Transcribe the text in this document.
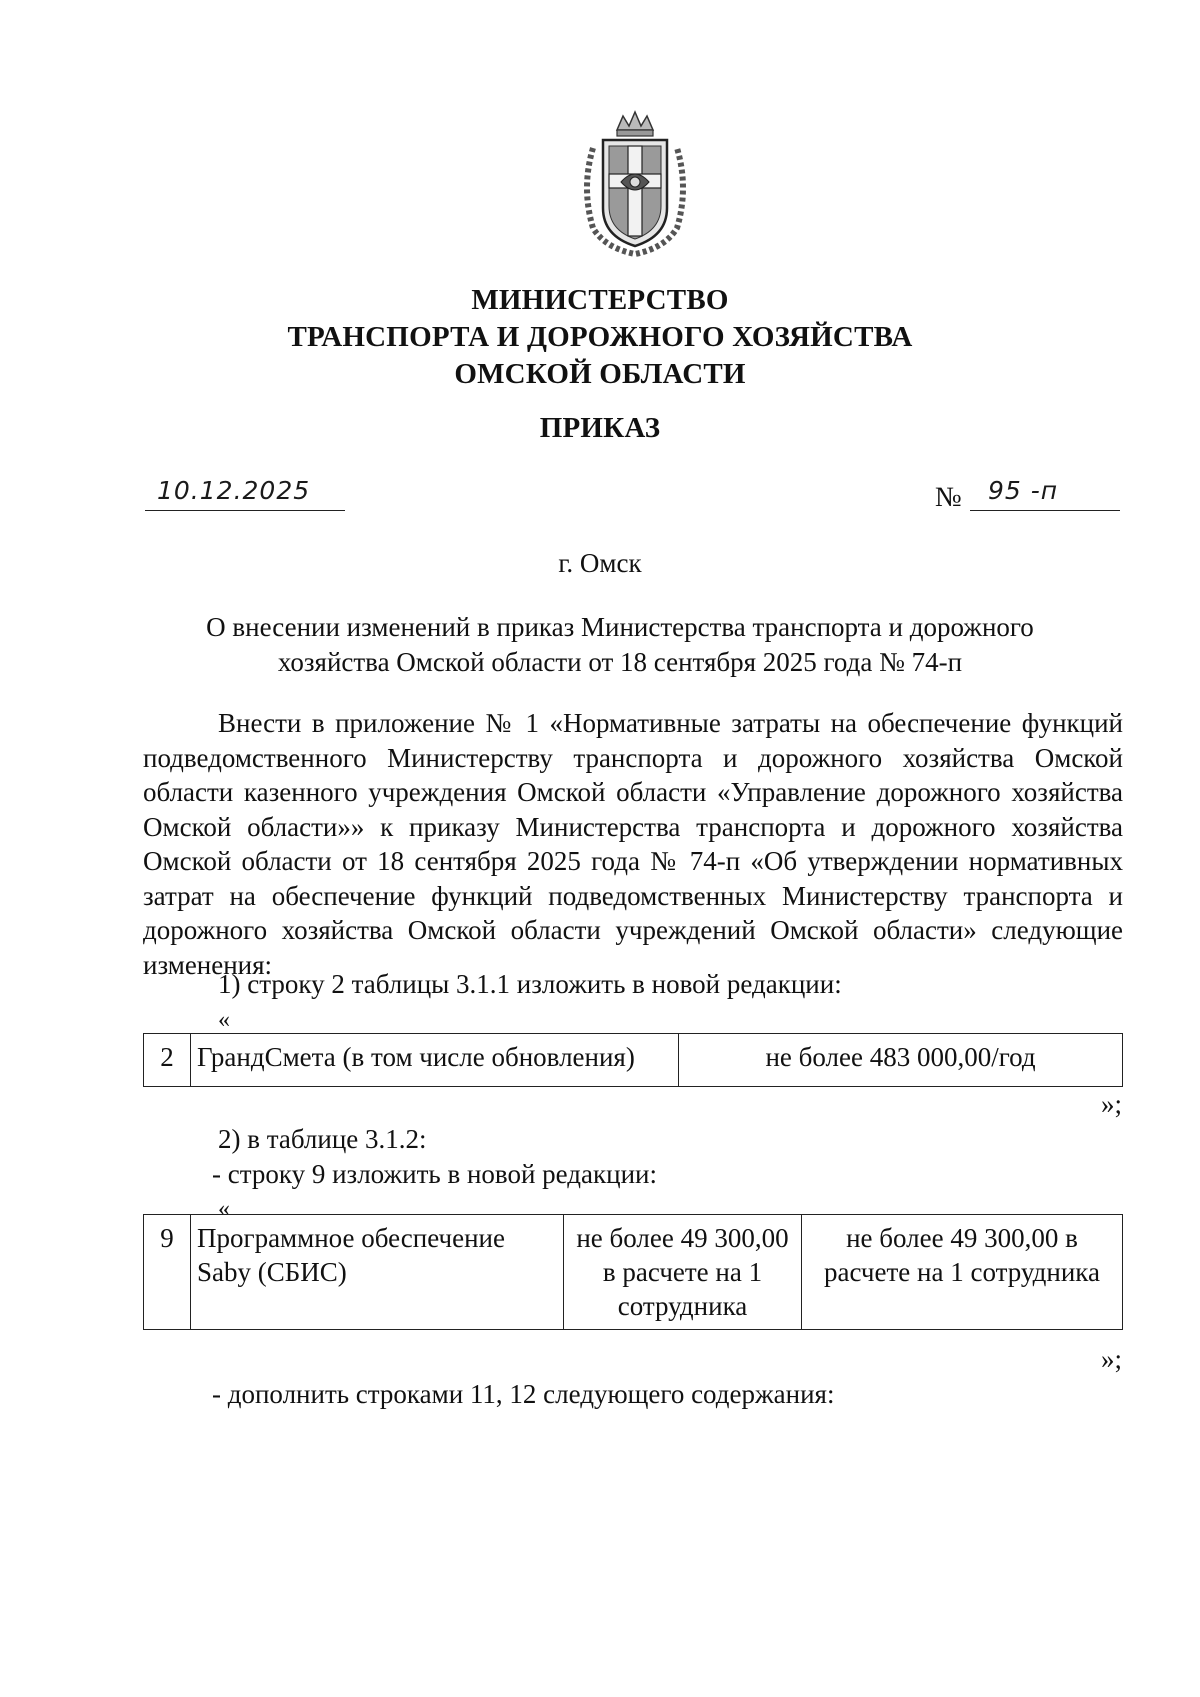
МИНИСТЕРСТВО
ТРАНСПОРТА И ДОРОЖНОГО ХОЗЯЙСТВА
ОМСКОЙ ОБЛАСТИ
ПРИКАЗ
10.12.2025	№ 95 -п
г. Омск
О внесении изменений в приказ Министерства транспорта и дорожного
хозяйства Омской области от 18 сентября 2025 года № 74-п

Внести в приложение № 1 «Нормативные затраты на обеспечение функций подведомственного Министерству транспорта и дорожного хозяйства Омской области казенного учреждения Омской области «Управление дорожного хозяйства Омской области»» к приказу Министерства транспорта и дорожного хозяйства Омской области от 18 сентября 2025 года № 74-п «Об утверждении нормативных затрат на обеспечение функций подведомственных Министерству транспорта и дорожного хозяйства Омской области учреждений Омской области» следующие изменения:

1) строку 2 таблицы 3.1.1 изложить в новой редакции:
«
2	ГрандСмета (в том числе обновления)	не более 483 000,00/год
»;
2) в таблице 3.1.2:
- строку 9 изложить в новой редакции:
«
9	Программное обеспечение Saby (СБИС)	не более 49 300,00 в расчете на 1 сотрудника	не более 49 300,00 в расчете на 1 сотрудника
»;
- дополнить строками 11, 12 следующего содержания:
